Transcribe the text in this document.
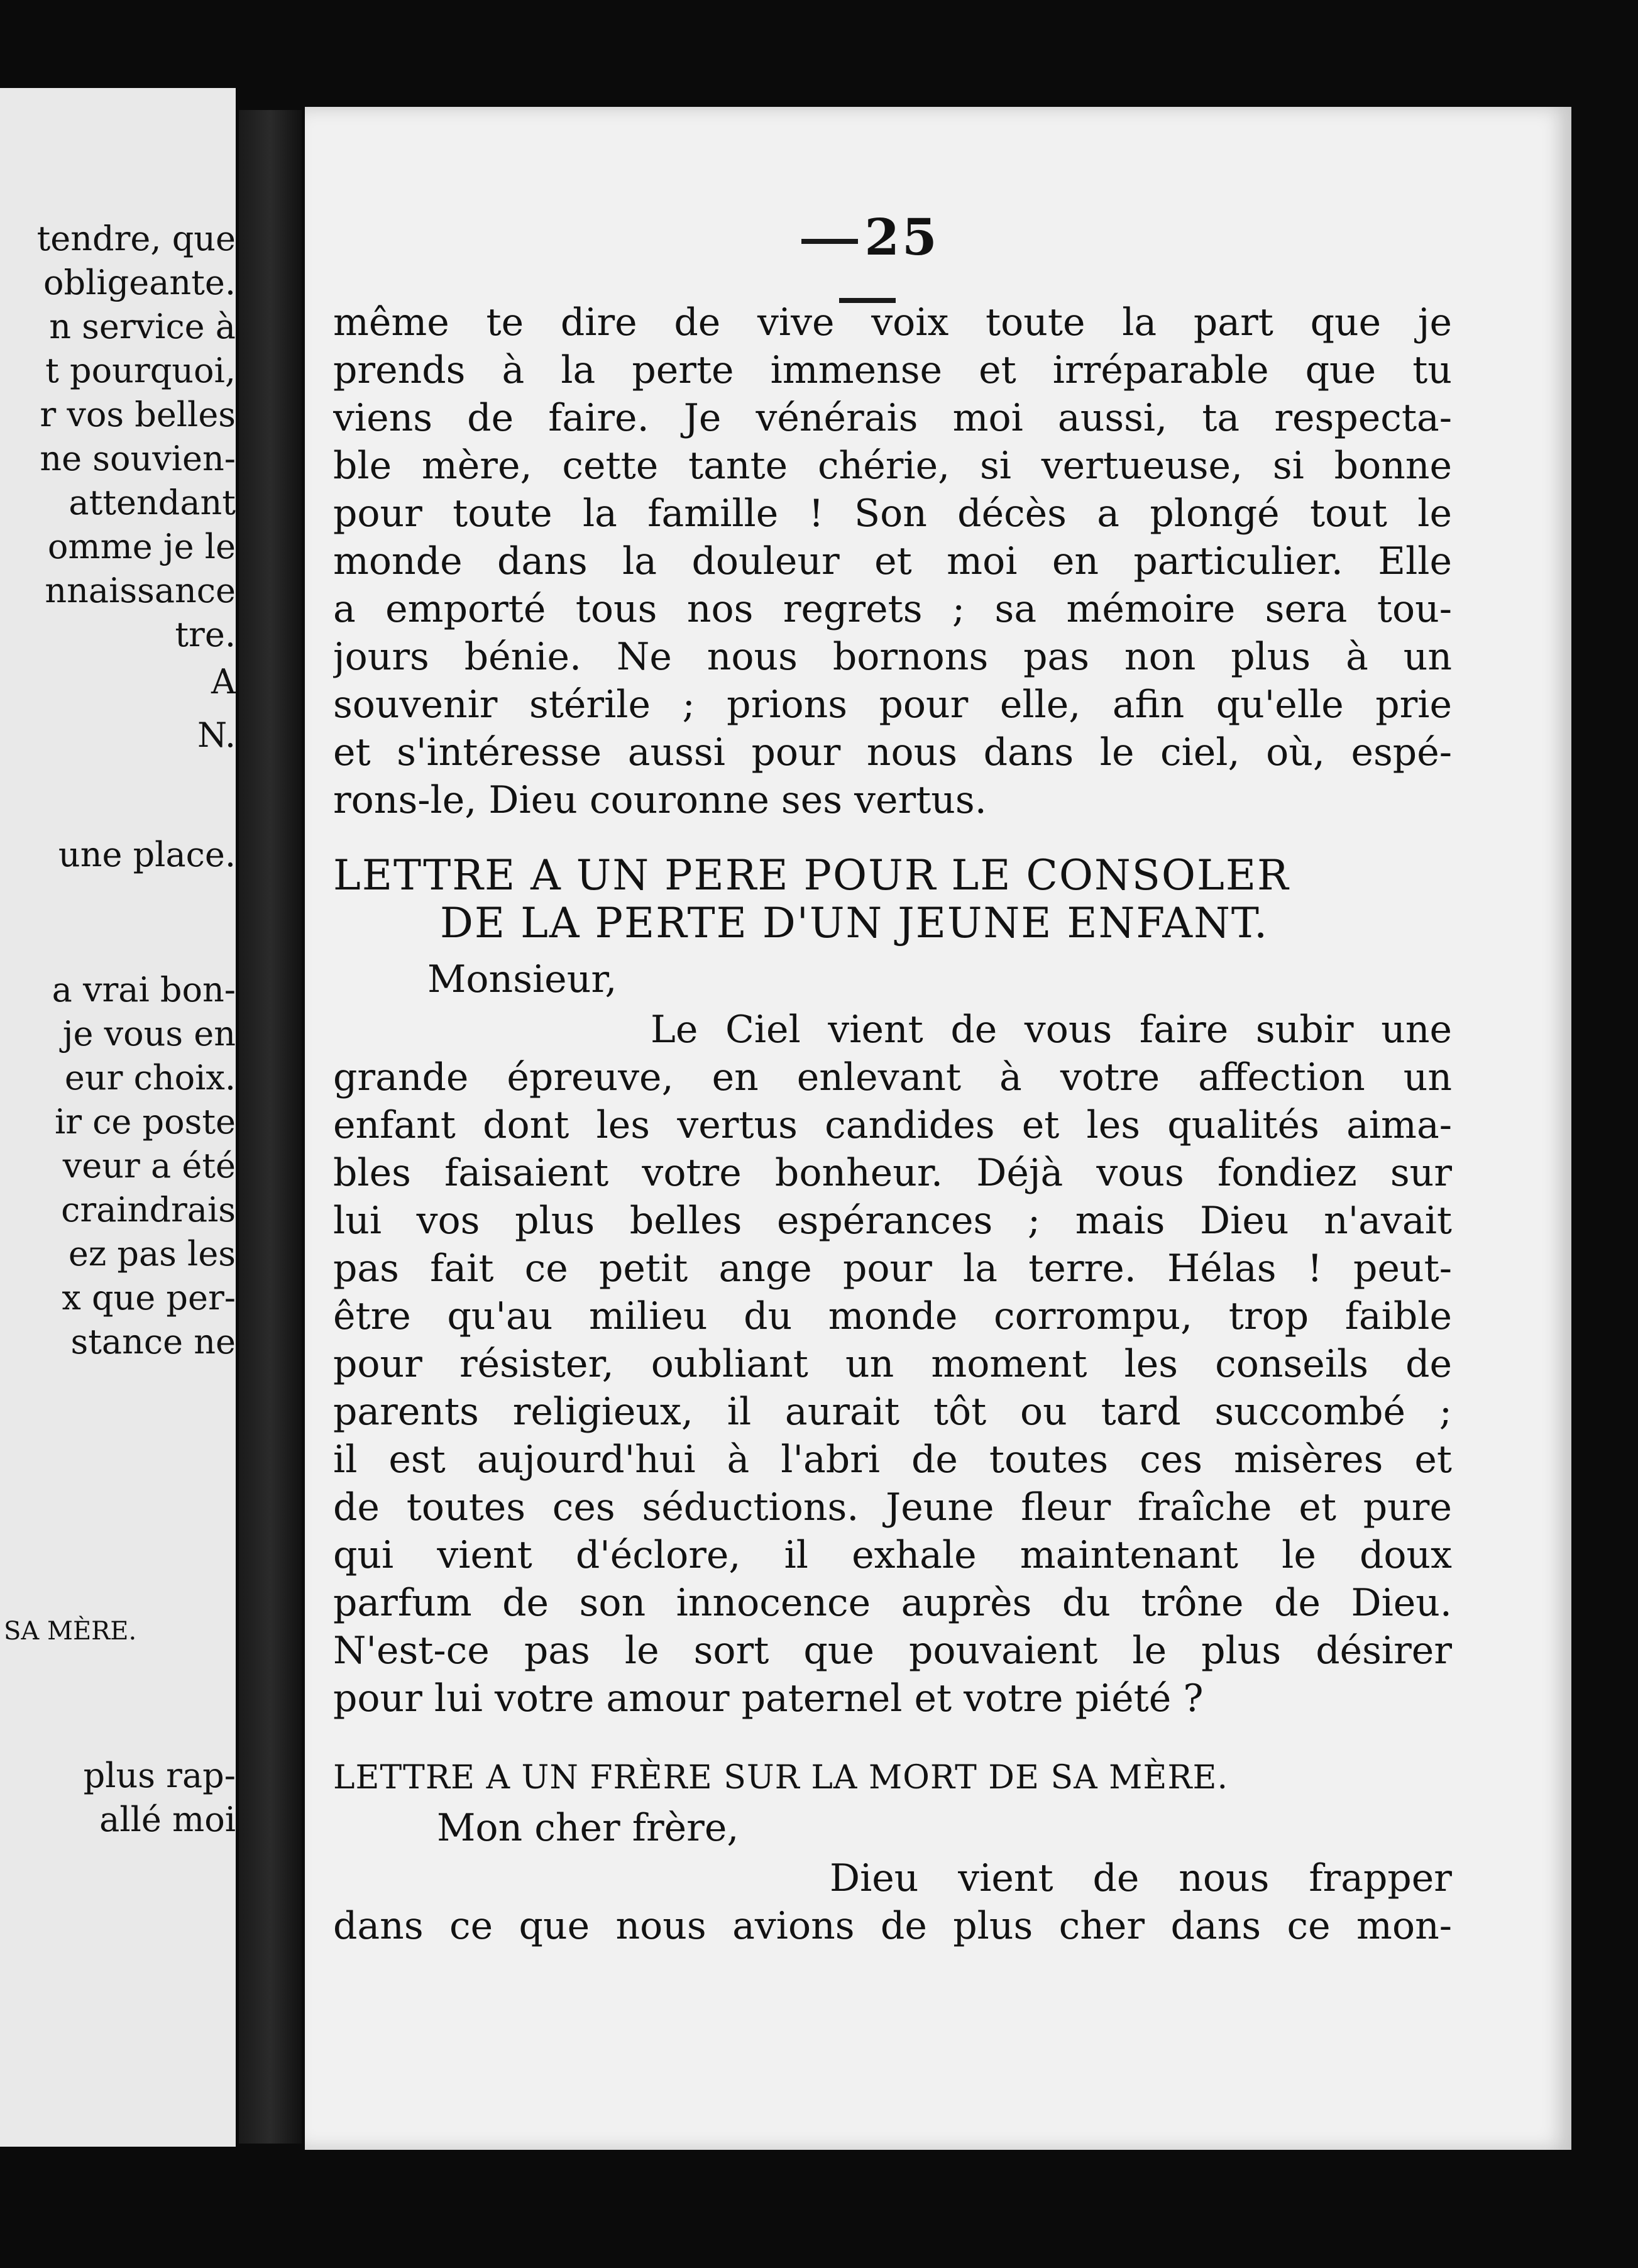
tendre, que
obligeante.
n service à
t pourquoi,
r vos belles
ne souvien-
attendant
omme je le
nnaissance
tre.
A
N.
une place.
a vrai bon-
je vous en
eur choix.
ir ce poste
veur a été
craindrais
ez pas les
x que per-
stance ne
SA MÈRE.
plus rap-
allé moi
25
même te dire de vive voix toute la part que je
prends à la perte immense et irréparable que tu
viens de faire. Je vénérais moi aussi, ta respecta-
ble mère, cette tante chérie, si vertueuse, si bonne
pour toute la famille ! Son décès a plongé tout le
monde dans la douleur et moi en particulier. Elle
a emporté tous nos regrets ; sa mémoire sera tou-
jours bénie. Ne nous bornons pas non plus à un
souvenir stérile ; prions pour elle, afin qu'elle prie
et s'intéresse aussi pour nous dans le ciel, où, espé-
rons-le, Dieu couronne ses vertus.
LETTRE A UN PERE POUR LE CONSOLER
DE LA PERTE D'UN JEUNE ENFANT.
Monsieur,
Le Ciel vient de vous faire subir une
grande épreuve, en enlevant à votre affection un
enfant dont les vertus candides et les qualités aima-
bles faisaient votre bonheur. Déjà vous fondiez sur
lui vos plus belles espérances ; mais Dieu n'avait
pas fait ce petit ange pour la terre. Hélas ! peut-
être qu'au milieu du monde corrompu, trop faible
pour résister, oubliant un moment les conseils de
parents religieux, il aurait tôt ou tard succombé ;
il est aujourd'hui à l'abri de toutes ces misères et
de toutes ces séductions. Jeune fleur fraîche et pure
qui vient d'éclore, il exhale maintenant le doux
parfum de son innocence auprès du trône de Dieu.
N'est-ce pas le sort que pouvaient le plus désirer
pour lui votre amour paternel et votre piété ?
LETTRE A UN FRÈRE SUR LA MORT DE SA MÈRE.
Mon cher frère,
Dieu vient de nous frapper
dans ce que nous avions de plus cher dans ce mon-
